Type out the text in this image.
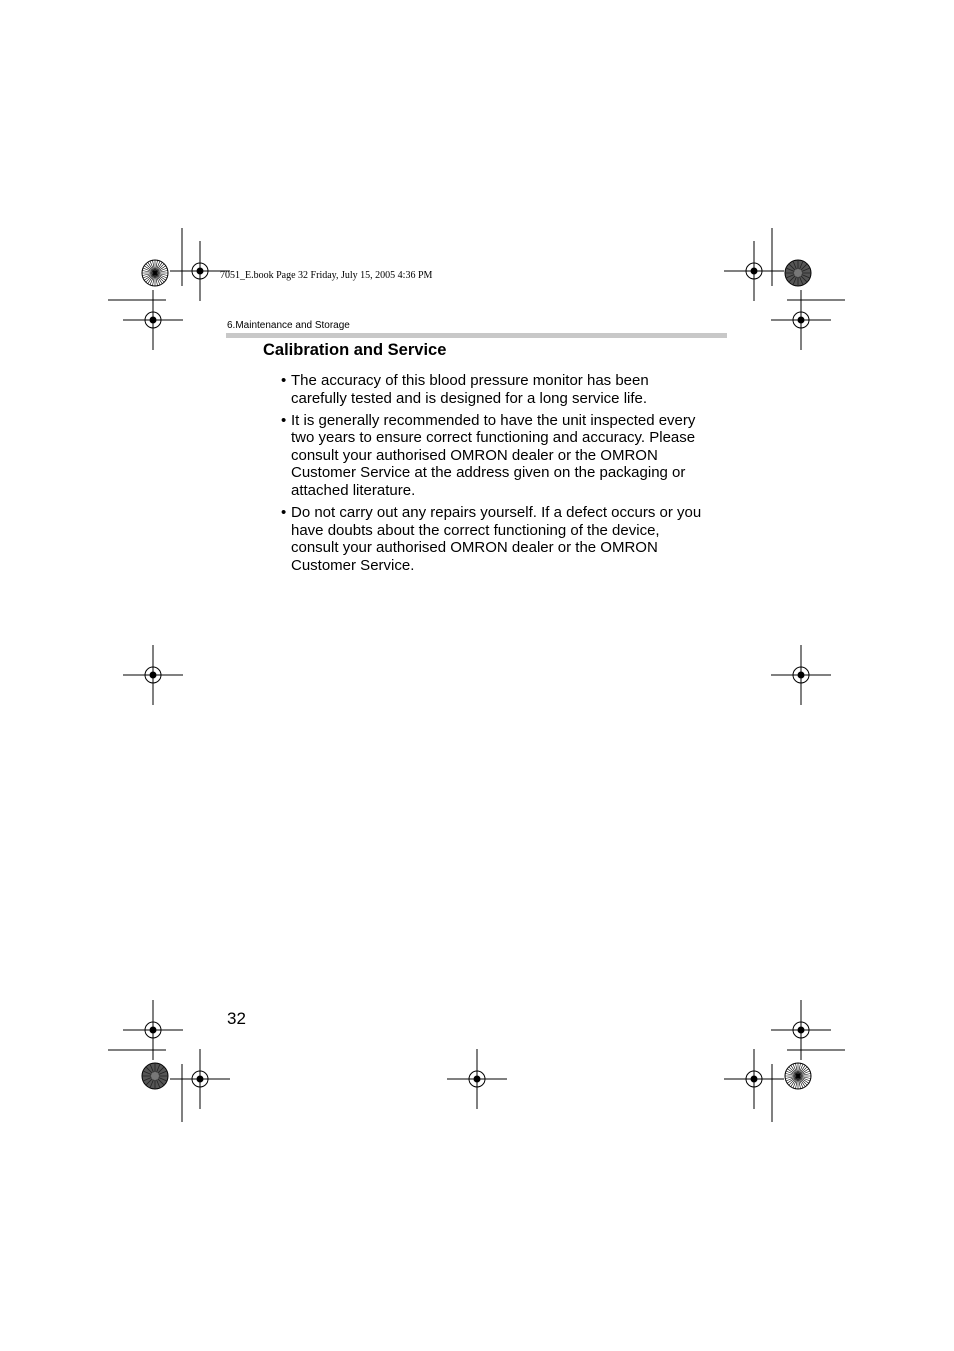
7051_E.book Page 32 Friday, July 15, 2005 4:36 PM
6.Maintenance and Storage
Calibration and Service
• The accuracy of this blood pressure monitor has been
carefully tested and is designed for a long service life.
• It is generally recommended to have the unit inspected every
two years to ensure correct functioning and accuracy. Please
consult your authorised OMRON dealer or the OMRON
Customer Service at the address given on the packaging or
attached literature.
• Do not carry out any repairs yourself. If a defect occurs or you
have doubts about the correct functioning of the device,
consult your authorised OMRON dealer or the OMRON
Customer Service.
32
